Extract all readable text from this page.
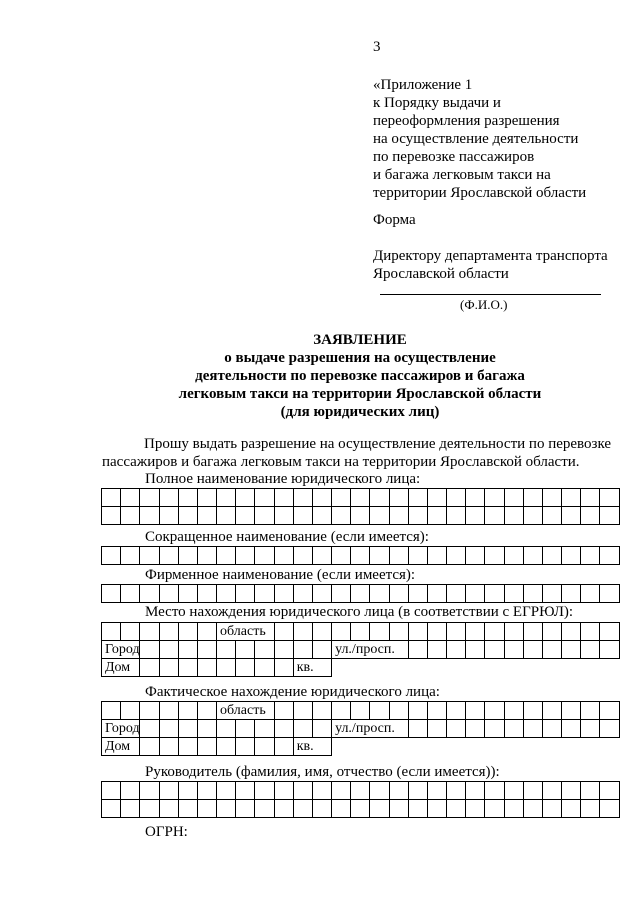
3
«Приложение 1
к Порядку выдачи и
переоформления разрешения
на осуществление деятельности
по перевозке пассажиров
и багажа легковым такси на
территории Ярославской области
Форма
Директору департамента транспорта
Ярославской области
(Ф.И.О.)
ЗАЯВЛЕНИЕ
о выдаче разрешения на осуществление
деятельности по перевозке пассажиров и багажа
легковым такси на территории Ярославской области
(для юридических лиц)
Прошу выдать разрешение на осуществление деятельности по перевозке
пассажиров и багажа легковым такси на территории Ярославской области.
Полное наименование юридического лица:

Сокращенное наименование (если имеется):

Фирменное наименование (если имеется):

Место нахождения юридического лица (в соответствии с ЕГРЮЛ):
						область																				
Город												ул./просп.														
Дом										кв.																
Фактическое нахождение юридического лица:
						область																				
Город												ул./просп.														
Дом										кв.																
Руководитель (фамилия, имя, отчество (если имеется)):

ОГРН:
